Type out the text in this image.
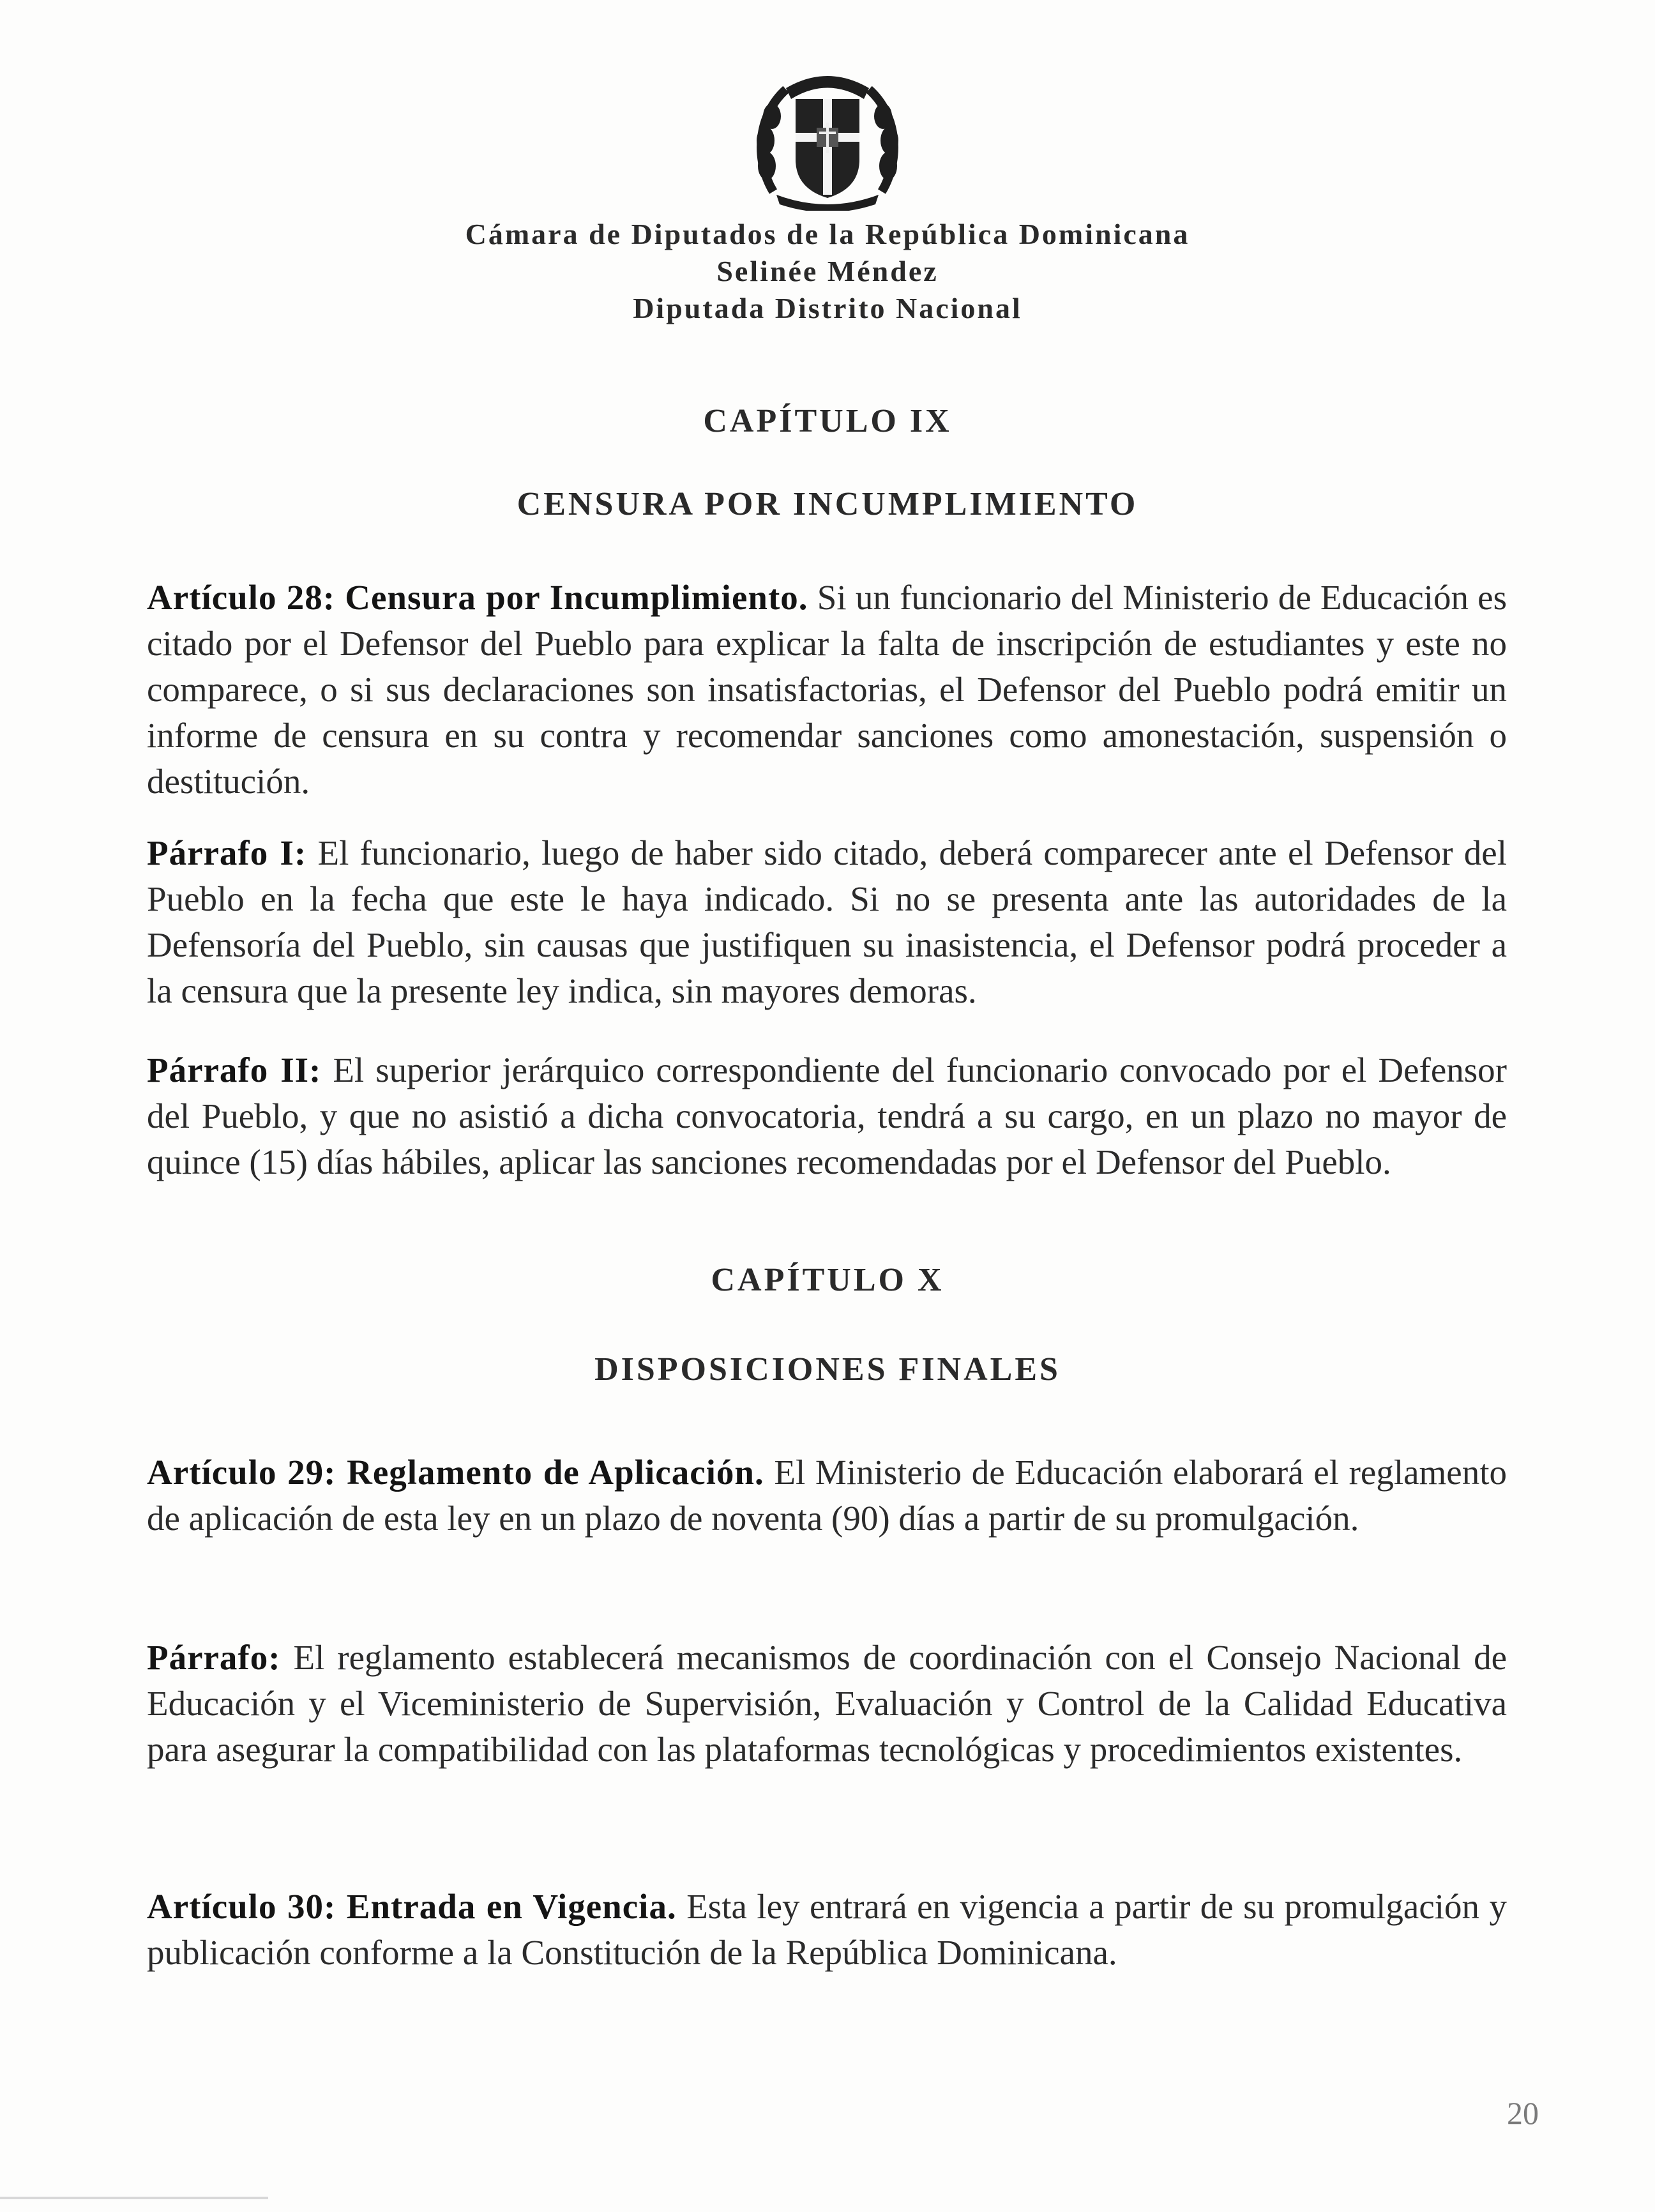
Cámara de Diputados de la República Dominicana
Selinée Méndez
Diputada Distrito Nacional
CAPÍTULO IX
CENSURA POR INCUMPLIMIENTO
Artículo 28: Censura por Incumplimiento. Si un funcionario del Ministerio de Educación es citado por el Defensor del Pueblo para explicar la falta de inscripción de estudiantes y este no comparece, o si sus declaraciones son insatisfactorias, el Defensor del Pueblo podrá emitir un informe de censura en su contra y recomendar sanciones como amonestación, suspensión o destitución.
Párrafo I: El funcionario, luego de haber sido citado, deberá comparecer ante el Defensor del Pueblo en la fecha que este le haya indicado. Si no se presenta ante las autoridades de la Defensoría del Pueblo, sin causas que justifiquen su inasistencia, el Defensor podrá proceder a la censura que la presente ley indica, sin mayores demoras.
Párrafo II: El superior jerárquico correspondiente del funcionario convocado por el Defensor del Pueblo, y que no asistió a dicha convocatoria, tendrá a su cargo, en un plazo no mayor de quince (15) días hábiles, aplicar las sanciones recomendadas por el Defensor del Pueblo.
CAPÍTULO X
DISPOSICIONES FINALES
Artículo 29: Reglamento de Aplicación. El Ministerio de Educación elaborará el reglamento de aplicación de esta ley en un plazo de noventa (90) días a partir de su promulgación.
Párrafo: El reglamento establecerá mecanismos de coordinación con el Consejo Nacional de Educación y el Viceministerio de Supervisión, Evaluación y Control de la Calidad Educativa para asegurar la compatibilidad con las plataformas tecnológicas y procedimientos existentes.
Artículo 30: Entrada en Vigencia. Esta ley entrará en vigencia a partir de su promulgación y publicación conforme a la Constitución de la República Dominicana.
20
